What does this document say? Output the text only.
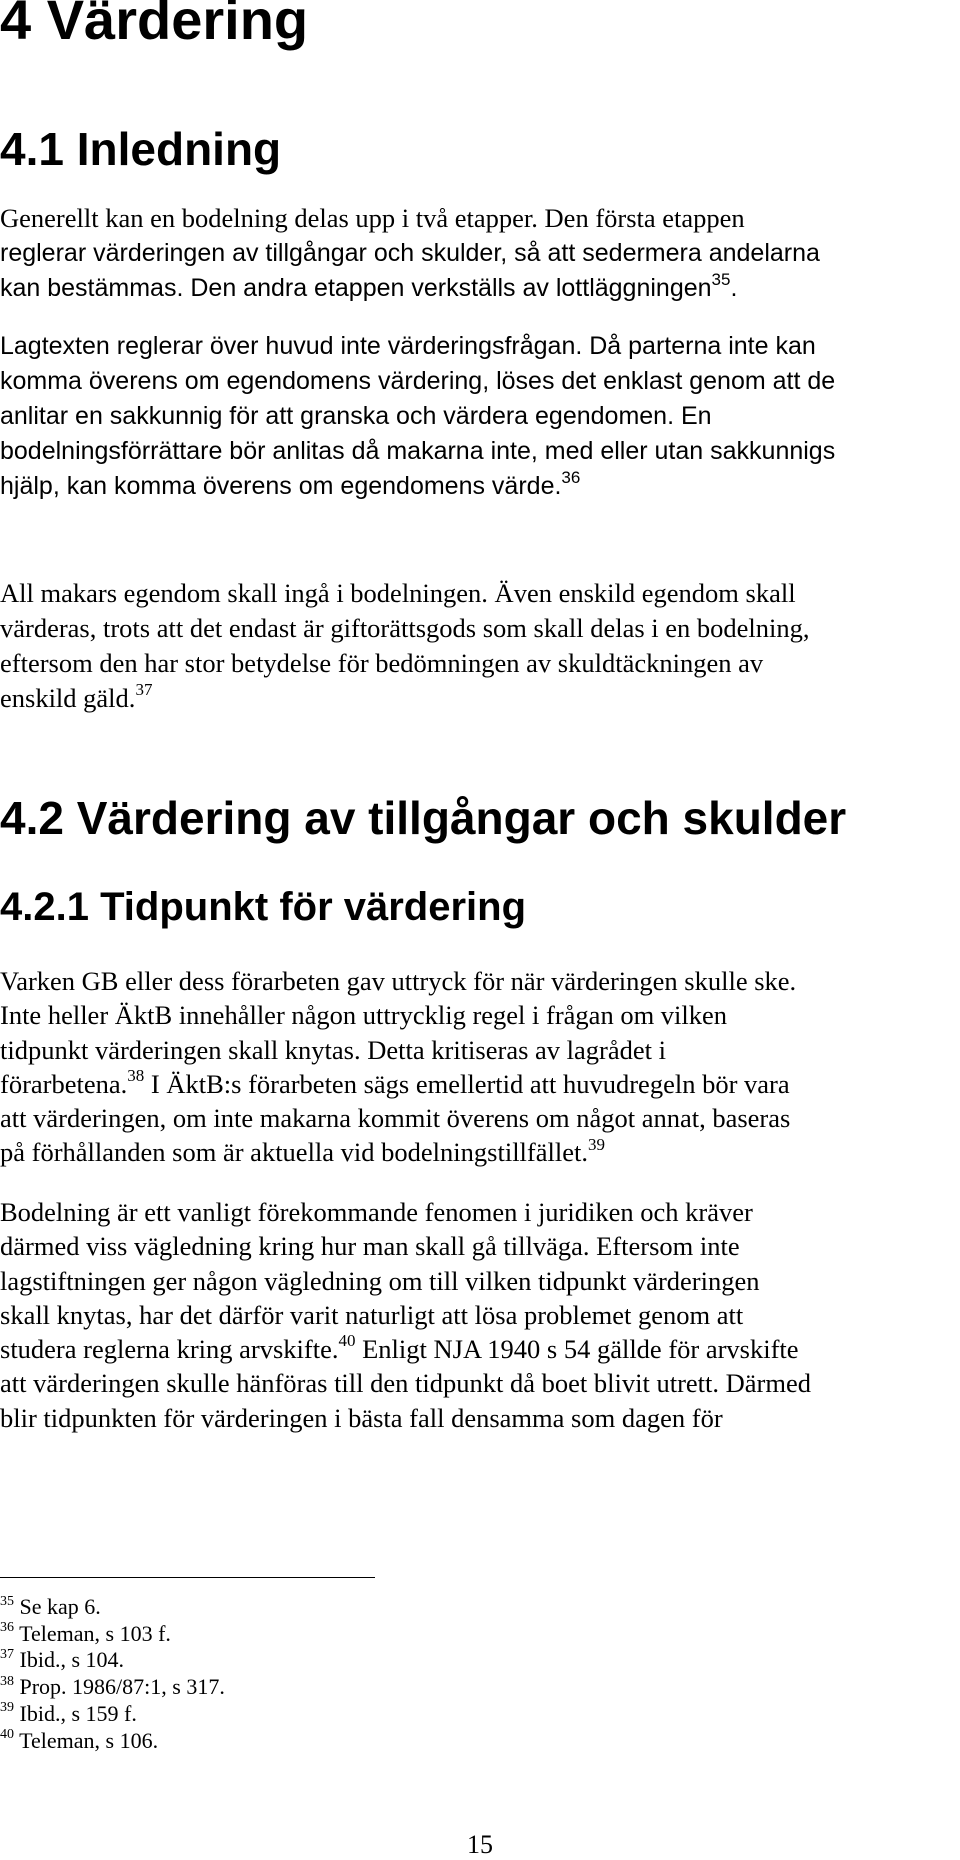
4 Värdering
4.1 Inledning

Generellt kan en bodelning delas upp i två etapper. Den första etappen
reglerar värderingen av tillgångar och skulder, så att sedermera andelarna
kan bestämmas. Den andra etappen verkställs av lottläggningen$^{35}$.

Lagtexten reglerar över huvud inte värderingsfrågan. Då parterna inte kan
komma överens om egendomens värdering, löses det enklast genom att de
anlitar en sakkunnig för att granska och värdera egendomen. En
bodelningsförrättare bör anlitas då makarna inte, med eller utan sakkunnigs
hjälp, kan komma överens om egendomens värde.$^{36}$

All makars egendom skall ingå i bodelningen. Även enskild egendom skall
värderas, trots att det endast är giftorättsgods som skall delas i en bodelning,
eftersom den har stor betydelse för bedömningen av skuldtäckningen av
enskild gäld.$^{37}$

4.2 Värdering av tillgångar och skulder
4.2.1 Tidpunkt för värdering

Varken GB eller dess förarbeten gav uttryck för när värderingen skulle ske.
Inte heller ÄktB innehåller någon uttrycklig regel i frågan om vilken
tidpunkt värderingen skall knytas. Detta kritiseras av lagrådet i
förarbetena.$^{38}$ I ÄktB:s förarbeten sägs emellertid att huvudregeln bör vara
att värderingen, om inte makarna kommit överens om något annat, baseras
på förhållanden som är aktuella vid bodelningstillfället.$^{39}$

Bodelning är ett vanligt förekommande fenomen i juridiken och kräver
därmed viss vägledning kring hur man skall gå tillväga. Eftersom inte
lagstiftningen ger någon vägledning om till vilken tidpunkt värderingen
skall knytas, har det därför varit naturligt att lösa problemet genom att
studera reglerna kring arvskifte.$^{40}$ Enligt NJA 1940 s 54 gällde för arvskifte
att värderingen skulle hänföras till den tidpunkt då boet blivit utrett. Därmed
blir tidpunkten för värderingen i bästa fall densamma som dagen för

$^{35}$ Se kap 6.
$^{36}$ Teleman, s 103 f.
$^{37}$ Ibid., s 104.
$^{38}$ Prop. 1986/87:1, s 317.
$^{39}$ Ibid., s 159 f.
$^{40}$ Teleman, s 106.
15
